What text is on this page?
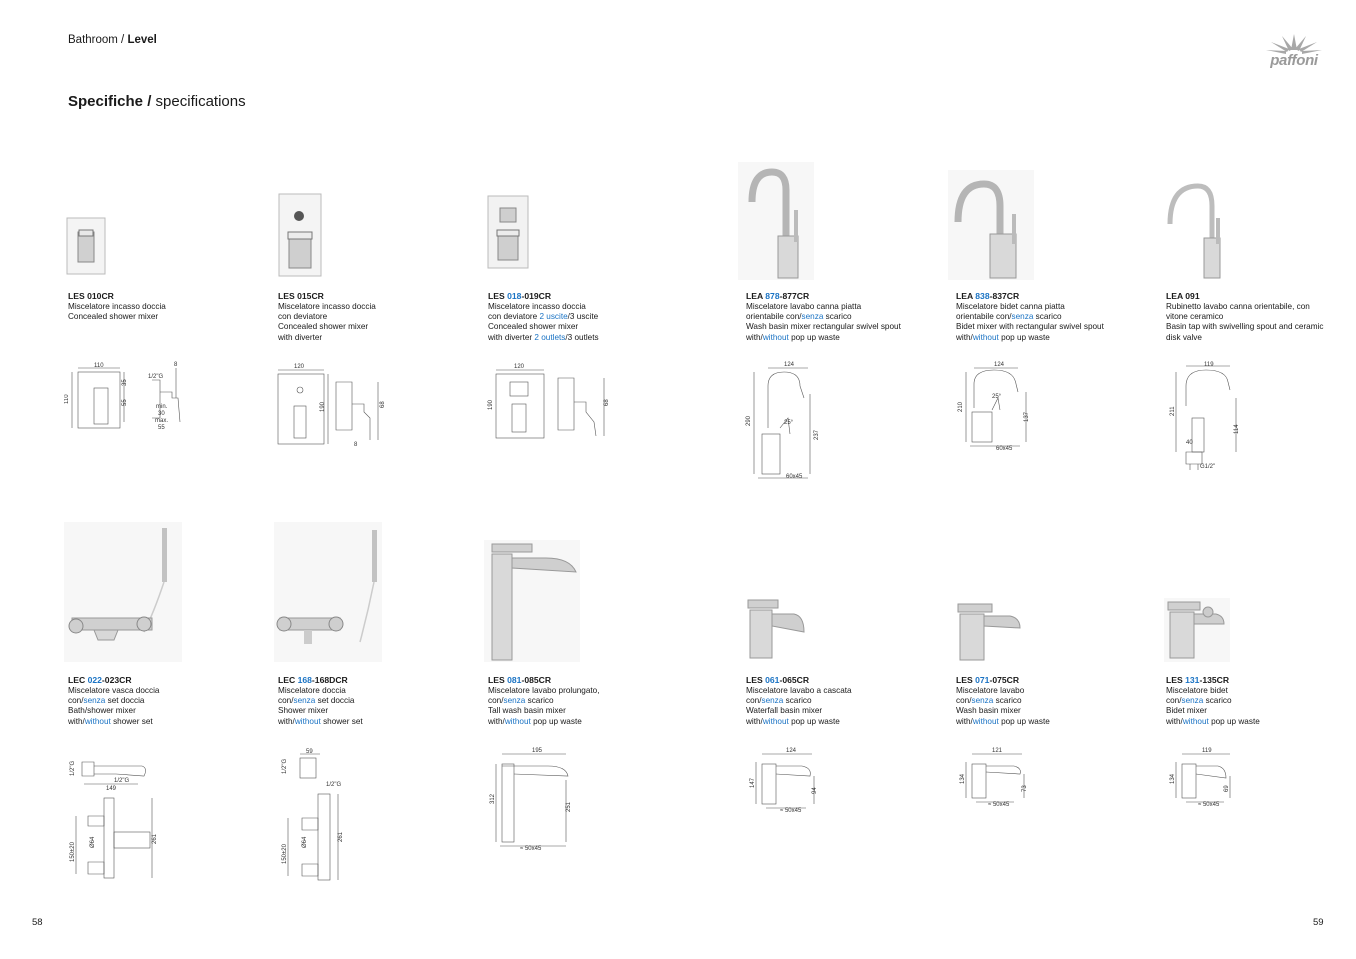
Bathroom / Level
Specifiche / specifications
paffoni
LES 010CR
Miscelatore incasso doccia
Concealed shower mixer
LES 015CR
Miscelatore incasso doccia
con deviatore
Concealed shower mixer
with diverter
LES 018-019CR
Miscelatore incasso doccia
con deviatore 2 uscite/3 uscite
Concealed shower mixer
with diverter 2 outlets/3 outlets
LEA 878-877CR
Miscelatore lavabo canna piatta
orientabile con/senza scarico
Wash basin mixer rectangular swivel spout
with/without pop up waste
LEA 838-837CR
Miscelatore bidet canna piatta
orientabile con/senza scarico
Bidet mixer with rectangular swivel spout
with/without pop up waste
LEA 091
Rubinetto lavabo canna orientabile, con
vitone ceramico
Basin tap with swivelling spout and ceramic
disk valve
110
110
35
55
1/2"G
8
min.
30
max.
55
120
190	68
8
120
190	68
124
290
237
60x45
25°
124
210
137
60x45
25°
119
211
114
40
G1/2"
LEC 022-023CR
Miscelatore vasca doccia
con/senza set doccia
Bath/shower mixer
with/without shower set
LEC 168-168DCR
Miscelatore doccia
con/senza set doccia
Shower mixer
with/without shower set
LES 081-085CR
Miscelatore lavabo prolungato,
con/senza scarico
Tall wash basin mixer
with/without pop up waste
LES 061-065CR
Miscelatore lavabo a cascata
con/senza scarico
Waterfall basin mixer
with/without pop up waste
LES 071-075CR
Miscelatore lavabo
con/senza scarico
Wash basin mixer
with/without pop up waste
LES 131-135CR
Miscelatore bidet
con/senza scarico
Bidet mixer
with/without pop up waste
1/2"G
1/2"G
149
150±20 Ø64	261
59
1/2"G
1/2"G
150±20
Ø64	261
195
312
251
≈ 50x45
124
147
94
≈ 50x45
121
134
73
≈ 50x45
119
134
69
≈ 50x45
58	59
